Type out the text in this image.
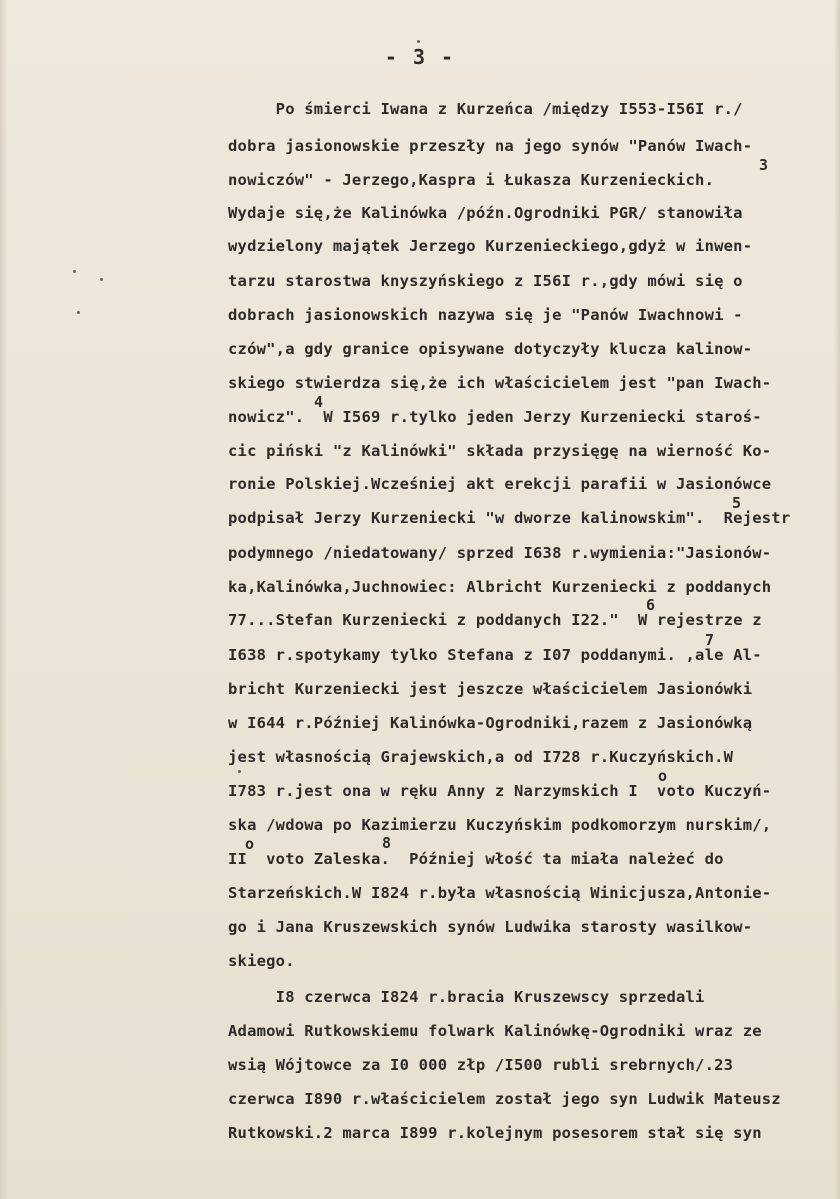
- 3 -
Po śmierci Iwana z Kurzeńca /między I553-I56I r./
dobra jasionowskie przeszły na jego synów "Panów Iwach-
nowiczów" - Jerzego,Kaspra i Łukasza Kurzenieckich.
Wydaje się,że Kalinówka /późn.Ogrodniki PGR/ stanowiła
wydzielony majątek Jerzego Kurzenieckiego,gdyż w inwen-
tarzu starostwa knyszyńskiego z I56I r.,gdy mówi się o
dobrach jasionowskich nazywa się je "Panów Iwachnowi -
czów",a gdy granice opisywane dotyczyły klucza kalinow-
skiego stwierdza się,że ich właścicielem jest "pan Iwach-
nowicz".  W I569 r.tylko jeden Jerzy Kurzeniecki staroś-
cic piński "z Kalinówki" składa przysięgę na wierność Ko-
ronie Polskiej.Wcześniej akt erekcji parafii w Jasionówce
podpisał Jerzy Kurzeniecki "w dworze kalinowskim".  Rejestr
podymnego /niedatowany/ sprzed I638 r.wymienia:"Jasionów-
ka,Kalinówka,Juchnowiec: Albricht Kurzeniecki z poddanych
77...Stefan Kurzeniecki z poddanych I22."  W rejestrze z
I638 r.spotykamy tylko Stefana z I07 poddanymi. ,ale Al-
bricht Kurzeniecki jest jeszcze właścicielem Jasionówki
w I644 r.Później Kalinówka-Ogrodniki,razem z Jasionówką
jest własnością Grajewskich,a od I728 r.Kuczyńskich.W
I783 r.jest ona w ręku Anny z Narzymskich I  voto Kuczyń-
ska /wdowa po Kazimierzu Kuczyńskim podkomorzym nurskim/,
II  voto Zaleska.  Później włość ta miała należeć do
Starzeńskich.W I824 r.była własnością Winicjusza,Antonie-
go i Jana Kruszewskich synów Ludwika starosty wasilkow-
skiego.
I8 czerwca I824 r.bracia Kruszewscy sprzedali
Adamowi Rutkowskiemu folwark Kalinówkę-Ogrodniki wraz ze
wsią Wójtowce za I0 000 złp /I500 rubli srebrnych/.23
czerwca I890 r.właścicielem został jego syn Ludwik Mateusz
Rutkowski.2 marca I899 r.kolejnym posesorem stał się syn
3
4
5
6
7
8
o
o
